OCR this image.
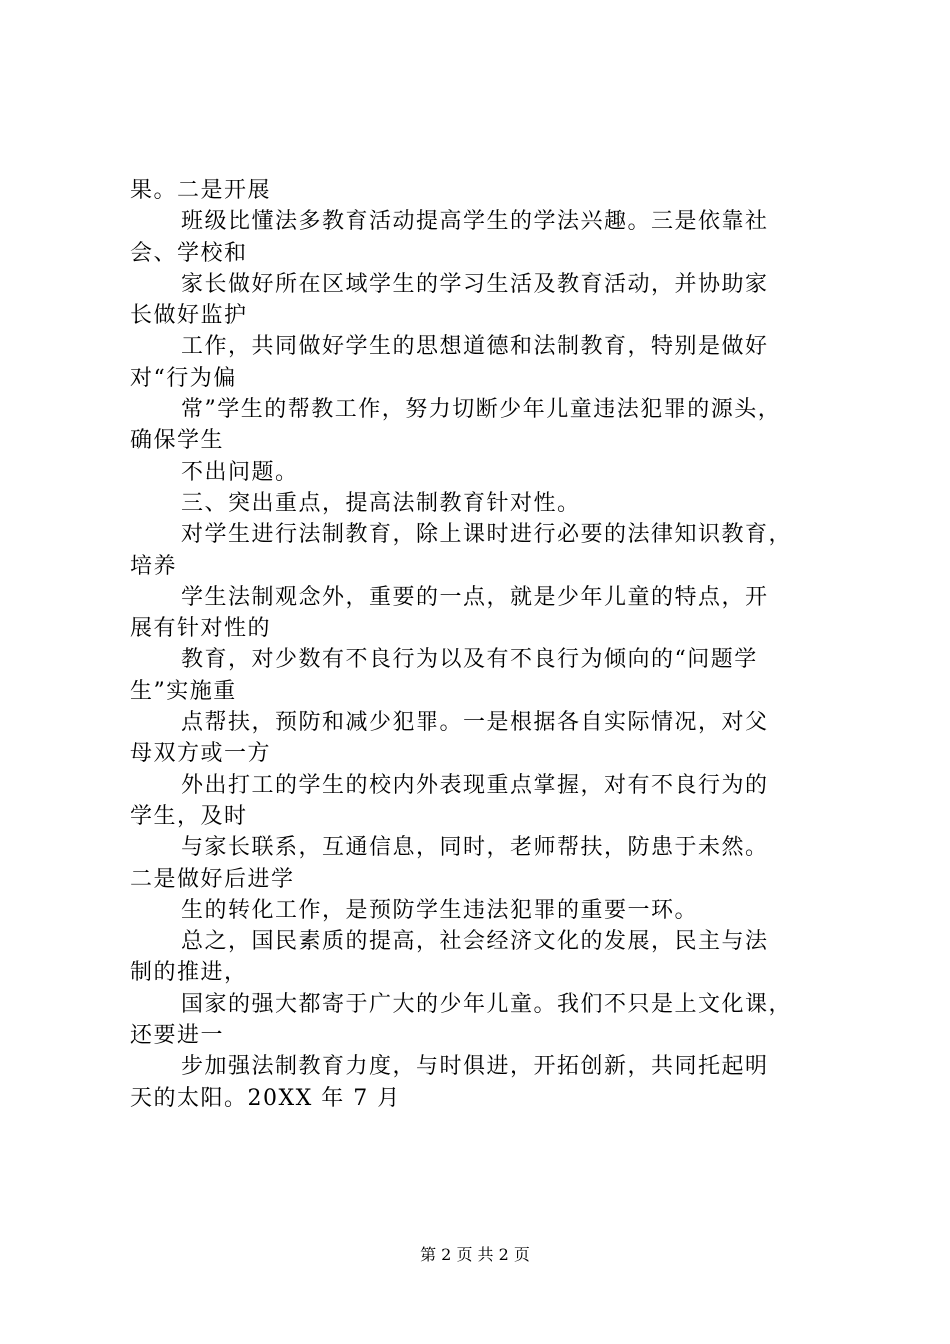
果。二是开展
班级比懂法多教育活动提高学生的学法兴趣。三是依靠社
会、学校和
家长做好所在区域学生的学习生活及教育活动，并协助家
长做好监护
工作，共同做好学生的思想道德和法制教育，特别是做好
对“行为偏
常”学生的帮教工作，努力切断少年儿童违法犯罪的源头，
确保学生
不出问题。
三、突出重点，提高法制教育针对性。
对学生进行法制教育，除上课时进行必要的法律知识教育，
培养
学生法制观念外，重要的一点，就是少年儿童的特点，开
展有针对性的
教育，对少数有不良行为以及有不良行为倾向的“问题学
生”实施重
点帮扶，预防和减少犯罪。一是根据各自实际情况，对父
母双方或一方
外出打工的学生的校内外表现重点掌握，对有不良行为的
学生，及时
与家长联系，互通信息，同时，老师帮扶，防患于未然。
二是做好后进学
生的转化工作，是预防学生违法犯罪的重要一环。
总之，国民素质的提高，社会经济文化的发展，民主与法
制的推进，
国家的强大都寄于广大的少年儿童。我们不只是上文化课，
还要进一
步加强法制教育力度，与时俱进，开拓创新，共同托起明
天的太阳。20XX 年 7 月
第 2 页 共 2 页
